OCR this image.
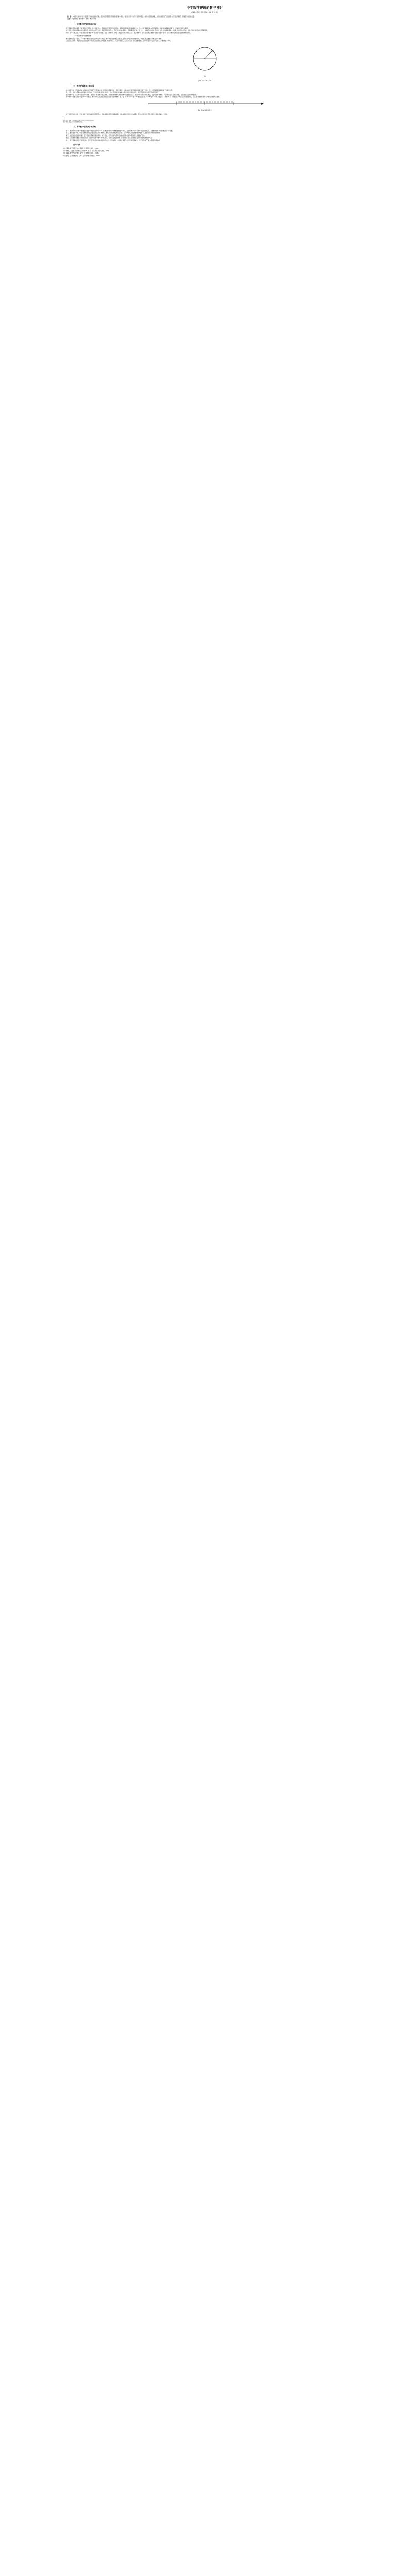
中学数学逻辑的教学探讨
湖南师大学报（教育科学版）周斌 张 洪 晏红

摘　要：本文探讨如何在中学数学教学中渗透数学逻辑，通过典型问题展示逻辑推理的基本规则，提出在教学中引导学生理解概念、判断与推理的关系，从而培养学生严密的思维方式与数学素养，提高数学教学的质量。

关键词：数学逻辑；数学教学；推理；概念与判断

一、中学数学逻辑的基本内容

数学逻辑是研究推理形式及其规律的学科。在中学数学中，逻辑知识贯穿于概念的形成、命题的证明和问题的解决之中。学生只有掌握了基本的逻辑规则，才能准确理解数学概念，正确进行判断与推理。

中学数学中涉及的逻辑内容主要包括：概念的内涵与外延、命题及其四种形式、充分条件与必要条件、逻辑联结词“或”“且”“非”、全称量词与存在量词等。这些内容看似简单，但在教学中往往被忽视，导致学生在推理时出现各种错误。

例如，在学习集合时，学生常常混淆“属于”与“包含于”的关系；在学习命题时，学生不能正确写出命题的否定；在证明题中，学生往往把必要条件当成充分条件使用。这些问题都反映出学生逻辑素养的不足。

（一）概念教学中的逻辑问题

概念是思维的基本形式。一个数学概念包含内涵与外延两个方面。教学中若只强调定义的记忆而忽视对内涵和外延的分析，学生就难以准确运用概念进行判断。

以圆的定义为例：平面内到定点的距离等于定长的点的集合叫做圆。如图1所示，定点O为圆心，定长为半径。学生需要理解定义中“平面内”“定点”“定长”三个要素缺一不可。

图1
|PO| = r ⇔ P ∈ ⊙O
二、数学逻辑教学中的问题

在实际教学中，部分教师认为逻辑知识只是数学的附属内容，只需在讲授新课时一带而过即可。这种认识导致逻辑知识的教学流于形式，学生对逻辑规则知其然而不知其所以然。

另一方面，教材中逻辑内容的编排较为集中，学生在短时间内难以消化，而在后续学习中又缺少有意识的巩固与运用，使得逻辑知识与数学知识相互脱节。

在命题教学中，应引导学生区分原命题、逆命题、否命题与逆否命题，并理解原命题与逆否命题同真同假的关系。通过具体实例让学生体会，在证明某些命题时，可以转而证明其逆否命题，这就是反证法的逻辑依据。

充分条件与必要条件是学生学习中的难点。教学中可以借助集合的包含关系来帮助理解：若 A ⊆ B，则“x∈A”是“x∈B”的充分条件，“x∈B”是“x∈A”的必要条件。如图2所示，用数轴表示两个区间之间的关系，可以直观地判断条件之间的充分性与必要性。

图2　数轴上的区间表示

对于含有量词的命题，学生常常不能正确写出其否定形式。全称命题的否定是特称命题，特称命题的否定是全称命题。教学中应通过大量练习使学生熟练掌握这一规则。

作者简介：周斌，湖南师范大学数学与计算机科学学院教授。

基金项目：湖南省教育科学规划课题。

三、中学数学逻辑教学的策略

第一，把逻辑知识的教学渗透到日常数学教学的各个环节中。在概念教学时分析概念的内涵与外延，在定理教学时分析条件与结论的关系，在解题教学时分析推理的每一步依据。

第二，重视错误分析。学生在推理中出现的错误往往具有典型性，教师应及时收集并加以分析，引导学生发现错误的逻辑根源，从而加深对逻辑规则的理解。

第三，加强数学语言的训练。数学语言是逻辑思维的载体，文字语言、符号语言与图形语言的相互转化能够促进学生思维的严密性。

第四，注重逻辑思维能力的综合培养。通过开放性问题与探究性活动，让学生在发现问题、提出猜想、论证猜想的过程中体验逻辑推理的力量。

总之，数学逻辑的教学不是孤立的，它应当与数学知识的教学有机结合。只有这样，才能真正提高学生的逻辑思维能力，使学生形成严谨、理性的思维品质。

参考文献

[1] 张奠宙. 数学教育学[M]. 南昌：江西教育出版社，1991.

[2] 曹才翰，章建跃. 数学教育心理学[M]. 北京：北京师范大学出版社，1999.

[3] 郑毓信. 数学方法论[M]. 南宁：广西教育出版社，1996.

[4] 波利亚. 怎样解题[M]. 上海：上海科技教育出版社，2002.
